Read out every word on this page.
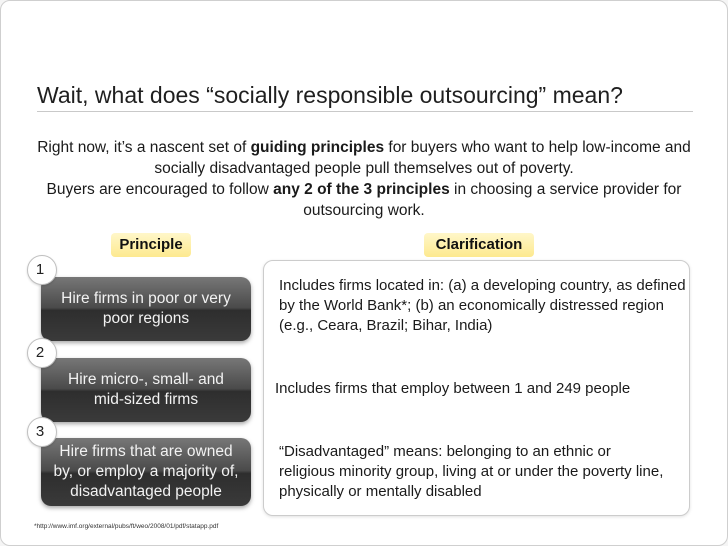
Wait, what does “socially responsible outsourcing” mean?

Right now, it’s a nascent set of guiding principles for buyers who want to help low-income and socially disadvantaged people pull themselves out of poverty.

Buyers are encouraged to follow any 2 of the 3 principles in choosing a service provider for outsourcing work.

Principle	Clarification
Hire firms in poor or very poor regions
1
Includes firms located in: (a) a developing country, as defined by the World Bank*; (b) an economically distressed region (e.g., Ceara, Brazil; Bihar, India)
Hire micro-, small- and mid-sized firms
2
Includes firms that employ between 1 and 249 people
Hire firms that are owned by, or employ a majority of, disadvantaged people
3
“Disadvantaged” means: belonging to an ethnic or religious minority group, living at or under the poverty line, physically or mentally disabled
*http://www.imf.org/external/pubs/ft/weo/2008/01/pdf/statapp.pdf
